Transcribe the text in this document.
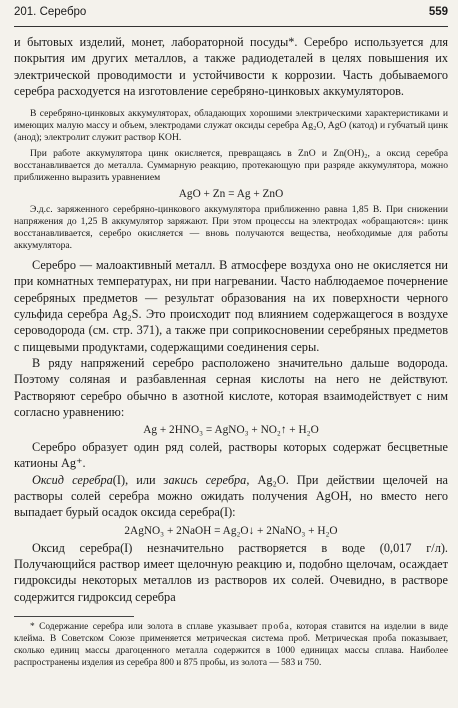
201. Серебро	559

и бытовых изделий, монет, лабораторной посуды*. Серебро используется для покрытия им других металлов, а также радиодеталей в целях повышения их электрической проводимости и устойчивости к коррозии. Часть добываемого серебра расходуется на изготовление серебряно-цинковых аккумуляторов.

В серебряно-цинковых аккумуляторах, обладающих хорошими электрическими характеристиками и имеющих малую массу и объем, электродами служат оксиды серебра Ag₂O, AgO (катод) и губчатый цинк (анод); электролит служит раствор KOH.

При работе аккумулятора цинк окисляется, превращаясь в ZnO и Zn(OH)₂, а оксид серебра восстанавливается до металла. Суммарную реакцию, протекающую при разряде аккумулятора, можно приближенно выразить уравнением

AgO + Zn = Ag + ZnO

Э.д.с. заряженного серебряно-цинкового аккумулятора приближенно равна 1,85 В. При снижении напряжения до 1,25 В аккумулятор заряжают. При этом процессы на электродах «обращаются»: цинк восстанавливается, серебро окисляется — вновь получаются вещества, необходимые для работы аккумулятора.

Серебро — малоактивный металл. В атмосфере воздуха оно не окисляется ни при комнатных температурах, ни при нагревании. Часто наблюдаемое почернение серебряных предметов — результат образования на их поверхности черного сульфида серебра Ag₂S. Это происходит под влиянием содержащегося в воздухе сероводорода (см. стр. 371), а также при соприкосновении серебряных предметов с пищевыми продуктами, содержащими соединения серы.

В ряду напряжений серебро расположено значительно дальше водорода. Поэтому соляная и разбавленная серная кислоты на него не действуют. Растворяют серебро обычно в азотной кислоте, которая взаимодействует с ним согласно уравнению:

Ag + 2HNO₃ = AgNO₃ + NO₂↑ + H₂O

Серебро образует один ряд солей, растворы которых содержат бесцветные катионы Ag⁺.

Оксид серебра(I), или закись серебра, Ag₂O. При действии щелочей на растворы солей серебра можно ожидать получения AgOH, но вместо него выпадает бурый осадок оксида серебра(I):

2AgNO₃ + 2NaOH = Ag₂O↓ + 2NaNO₃ + H₂O

Оксид серебра(I) незначительно растворяется в воде (0,017 г/л). Получающийся раствор имеет щелочную реакцию и, подобно щелочам, осаждает гидроксиды некоторых металлов из растворов их солей. Очевидно, в растворе содержится гидроксид серебра

* Содержание серебра или золота в сплаве указывает проба, которая ставится на изделии в виде клейма. В Советском Союзе применяется метрическая система проб. Метрическая проба показывает, сколько единиц массы драгоценного металла содержится в 1000 единицах массы сплава. Наиболее распространены изделия из серебра 800 и 875 пробы, из золота — 583 и 750.
